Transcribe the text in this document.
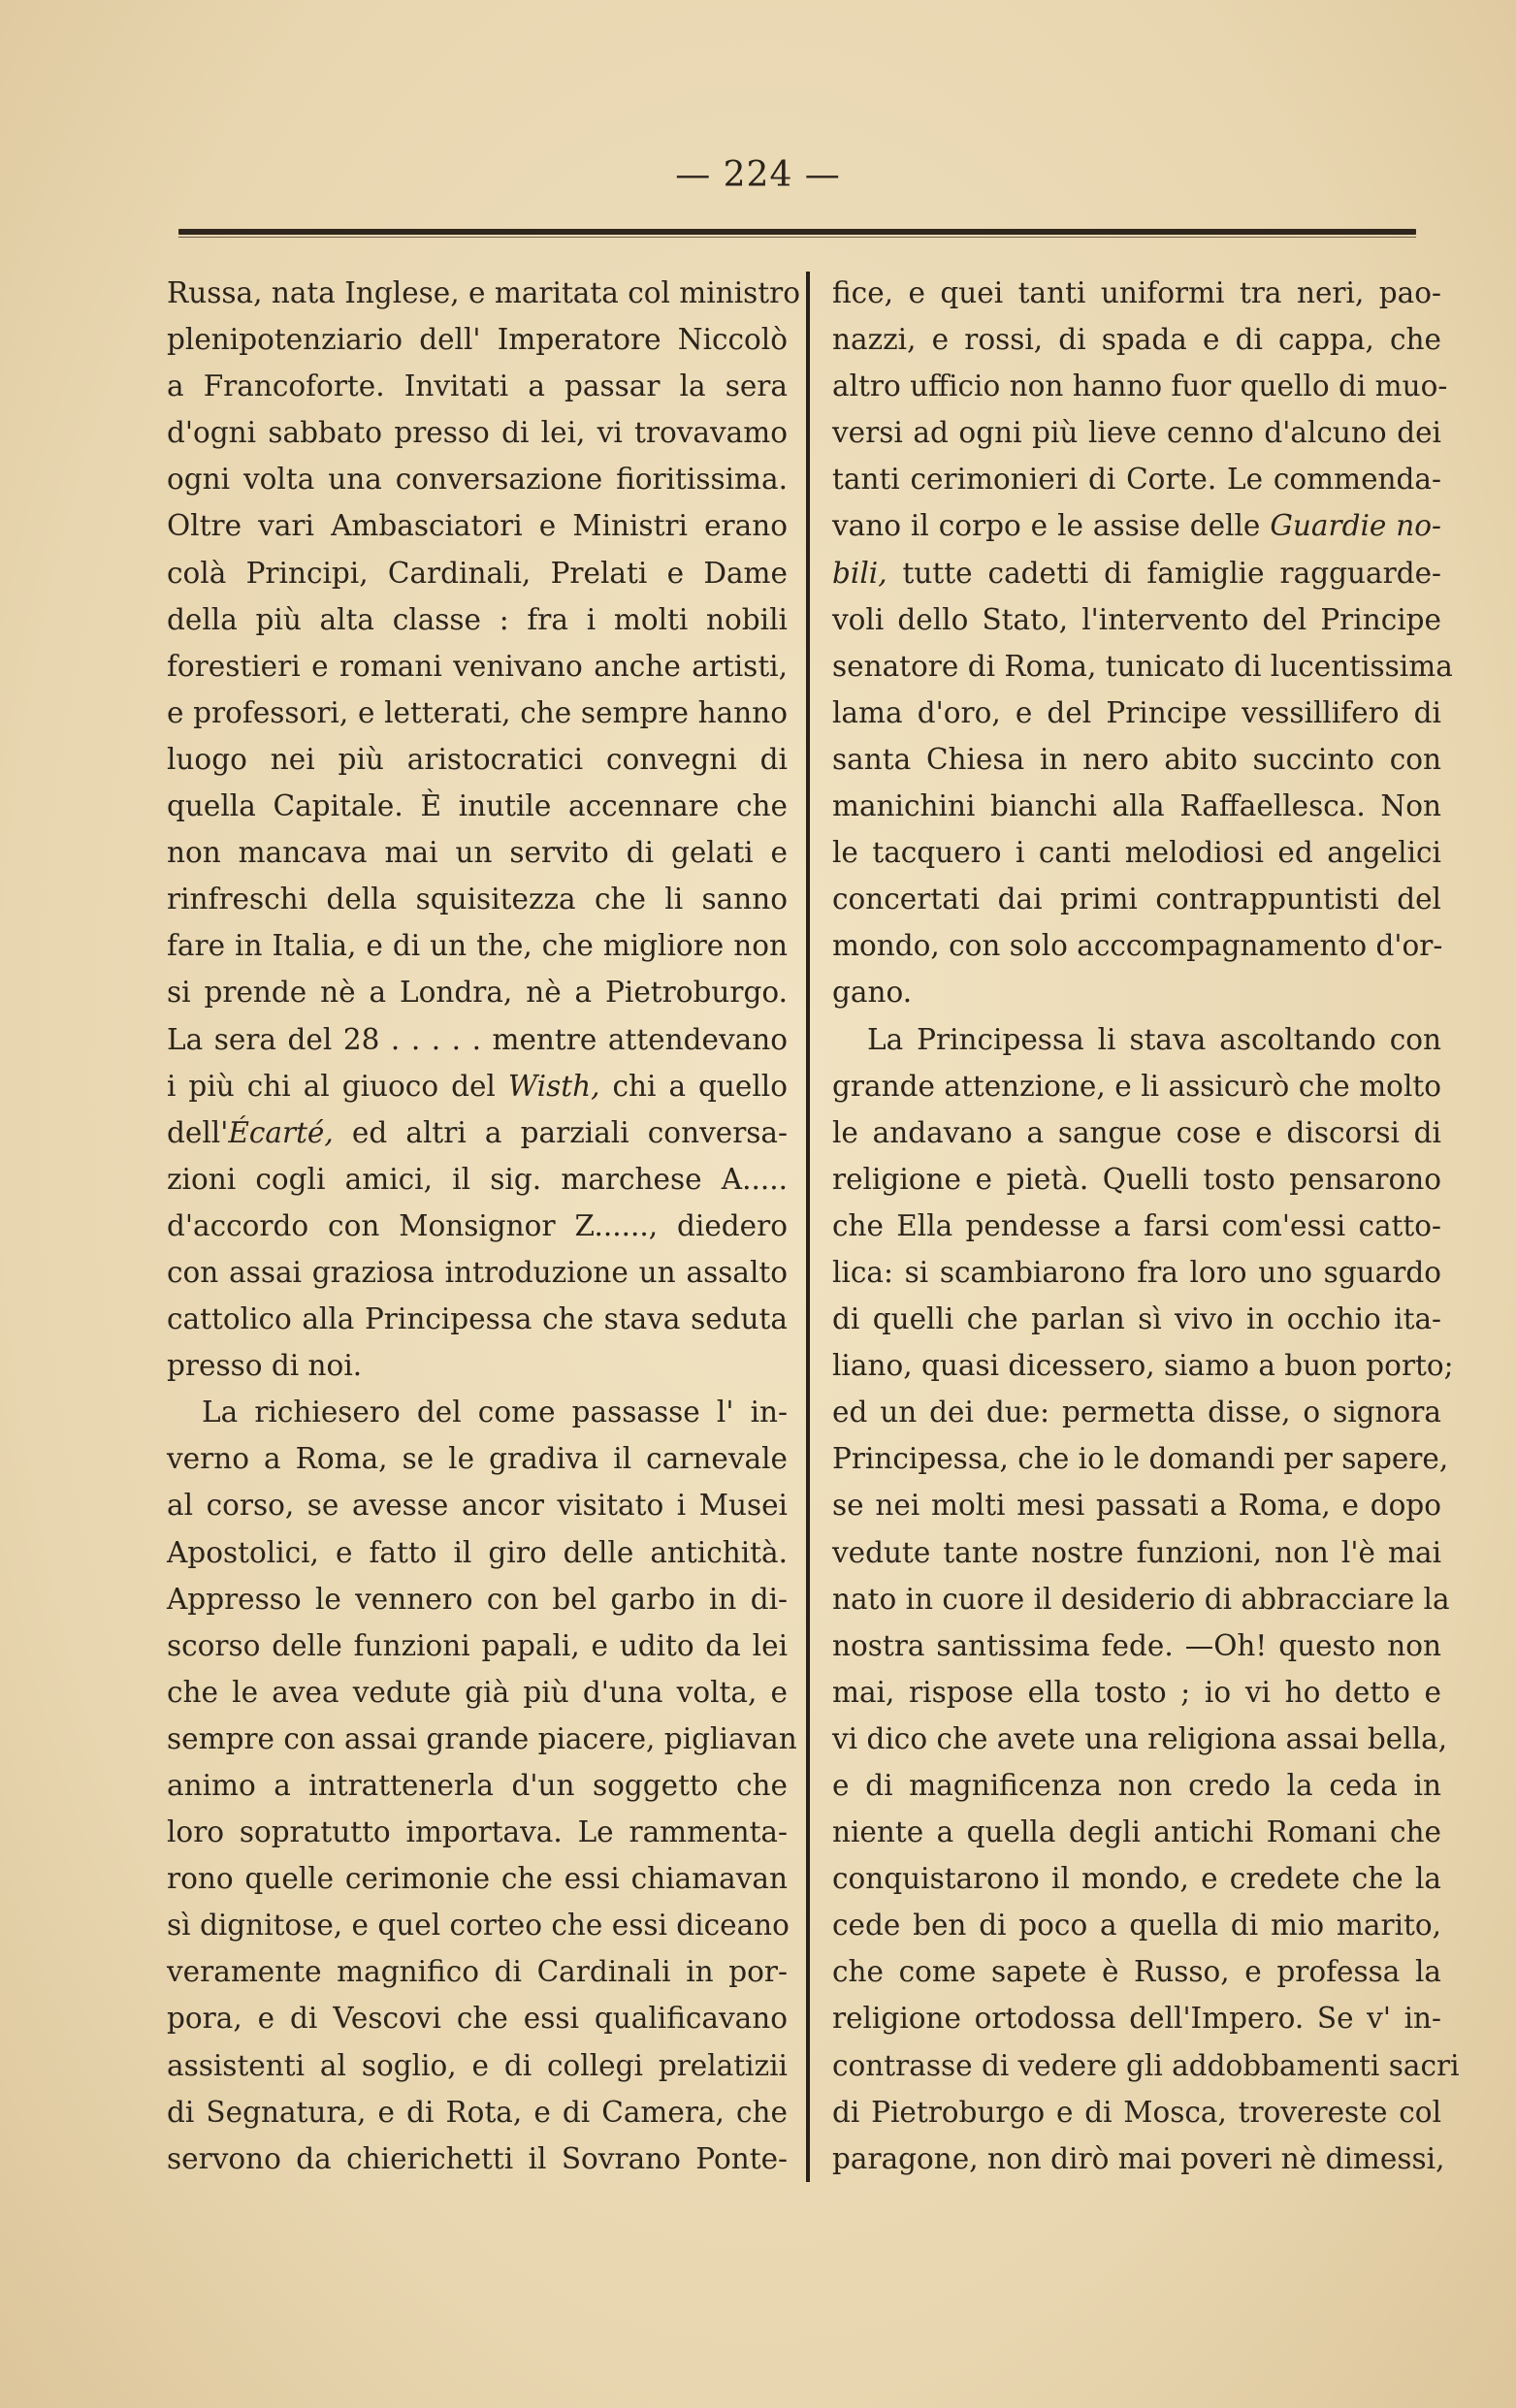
— 224 —
Russa, nata Inglese, e maritata col ministro
plenipotenziario dell' Imperatore Niccolò
a Francoforte. Invitati a passar la sera
d'ogni sabbato presso di lei, vi trovavamo
ogni volta una conversazione fioritissima.
Oltre vari Ambasciatori e Ministri erano
colà Principi, Cardinali, Prelati e Dame
della più alta classe : fra i molti nobili
forestieri e romani venivano anche artisti,
e professori, e letterati, che sempre hanno
luogo nei più aristocratici convegni di
quella Capitale. È inutile accennare che
non mancava mai un servito di gelati e
rinfreschi della squisitezza che li sanno
fare in Italia, e di un the, che migliore non
si prende nè a Londra, nè a Pietroburgo.
La sera del 28 . . . . . mentre attendevano
i più chi al giuoco del Wisth, chi a quello
dell'Écarté, ed altri a parziali conversa-
zioni cogli amici, il sig. marchese A.....
d'accordo con Monsignor Z......, diedero
con assai graziosa introduzione un assalto
cattolico alla Principessa che stava seduta
presso di noi.
La richiesero del come passasse l' in-
verno a Roma, se le gradiva il carnevale
al corso, se avesse ancor visitato i Musei
Apostolici, e fatto il giro delle antichità.
Appresso le vennero con bel garbo in di-
scorso delle funzioni papali, e udito da lei
che le avea vedute già più d'una volta, e
sempre con assai grande piacere, pigliavan
animo a intrattenerla d'un soggetto che
loro sopratutto importava. Le rammenta-
rono quelle cerimonie che essi chiamavan
sì dignitose, e quel corteo che essi diceano
veramente magnifico di Cardinali in por-
pora, e di Vescovi che essi qualificavano
assistenti al soglio, e di collegi prelatizii
di Segnatura, e di Rota, e di Camera, che
servono da chierichetti il Sovrano Ponte-
fice, e quei tanti uniformi tra neri, pao-
nazzi, e rossi, di spada e di cappa, che
altro ufficio non hanno fuor quello di muo-
versi ad ogni più lieve cenno d'alcuno dei
tanti cerimonieri di Corte. Le commenda-
vano il corpo e le assise delle Guardie no-
bili, tutte cadetti di famiglie ragguarde-
voli dello Stato, l'intervento del Principe
senatore di Roma, tunicato di lucentissima
lama d'oro, e del Principe vessillifero di
santa Chiesa in nero abito succinto con
manichini bianchi alla Raffaellesca. Non
le tacquero i canti melodiosi ed angelici
concertati dai primi contrappuntisti del
mondo, con solo acccompagnamento d'or-
gano.
La Principessa li stava ascoltando con
grande attenzione, e li assicurò che molto
le andavano a sangue cose e discorsi di
religione e pietà. Quelli tosto pensarono
che Ella pendesse a farsi com'essi catto-
lica: si scambiarono fra loro uno sguardo
di quelli che parlan sì vivo in occhio ita-
liano, quasi dicessero, siamo a buon porto;
ed un dei due: permetta disse, o signora
Principessa, che io le domandi per sapere,
se nei molti mesi passati a Roma, e dopo
vedute tante nostre funzioni, non l'è mai
nato in cuore il desiderio di abbracciare la
nostra santissima fede. —Oh! questo non
mai, rispose ella tosto ; io vi ho detto e
vi dico che avete una religiona assai bella,
e di magnificenza non credo la ceda in
niente a quella degli antichi Romani che
conquistarono il mondo, e credete che la
cede ben di poco a quella di mio marito,
che come sapete è Russo, e professa la
religione ortodossa dell'Impero. Se v' in-
contrasse di vedere gli addobbamenti sacri
di Pietroburgo e di Mosca, trovereste col
paragone, non dirò mai poveri nè dimessi,
